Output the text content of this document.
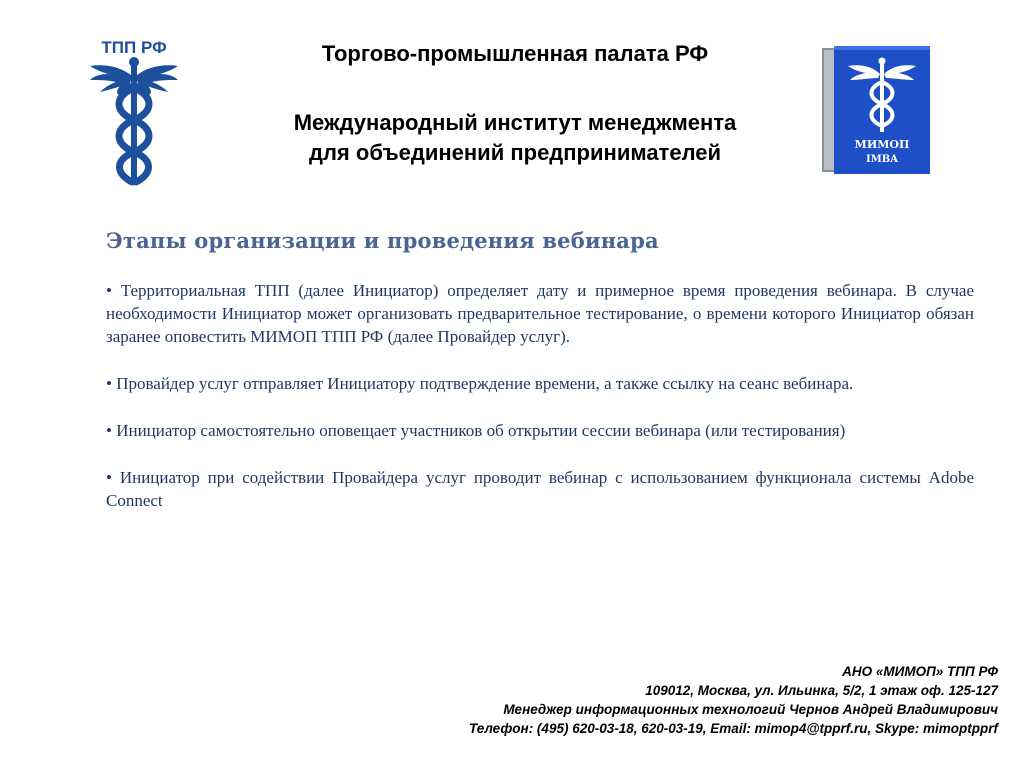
ТПП РФ	Торгово-промышленная палата РФ

Международный институт менеджмента

для объединений предпринимателей	МИМОП
IMBA
Этапы организации и проведения вебинара

• Территориальная ТПП (далее Инициатор) определяет дату и примерное время проведения вебинара. В случае необходимости Инициатор может организовать предварительное тестирование, о времени которого Инициатор обязан заранее оповестить МИМОП ТПП РФ (далее Провайдер услуг).

• Провайдер услуг отправляет Инициатору подтверждение времени, а также ссылку на сеанс вебинара.

• Инициатор самостоятельно оповещает участников об открытии сессии вебинара (или тестирования)

• Инициатор при содействии Провайдера услуг проводит вебинар с использованием функционала системы Adobe Connect

АНО «МИМОП» ТПП РФ
109012, Москва, ул. Ильинка, 5/2, 1 этаж оф. 125-127
Менеджер информационных технологий Чернов Андрей Владимирович
Телефон: (495) 620-03-18, 620-03-19, Email: mimop4@tpprf.ru, Skype: mimoptpprf
